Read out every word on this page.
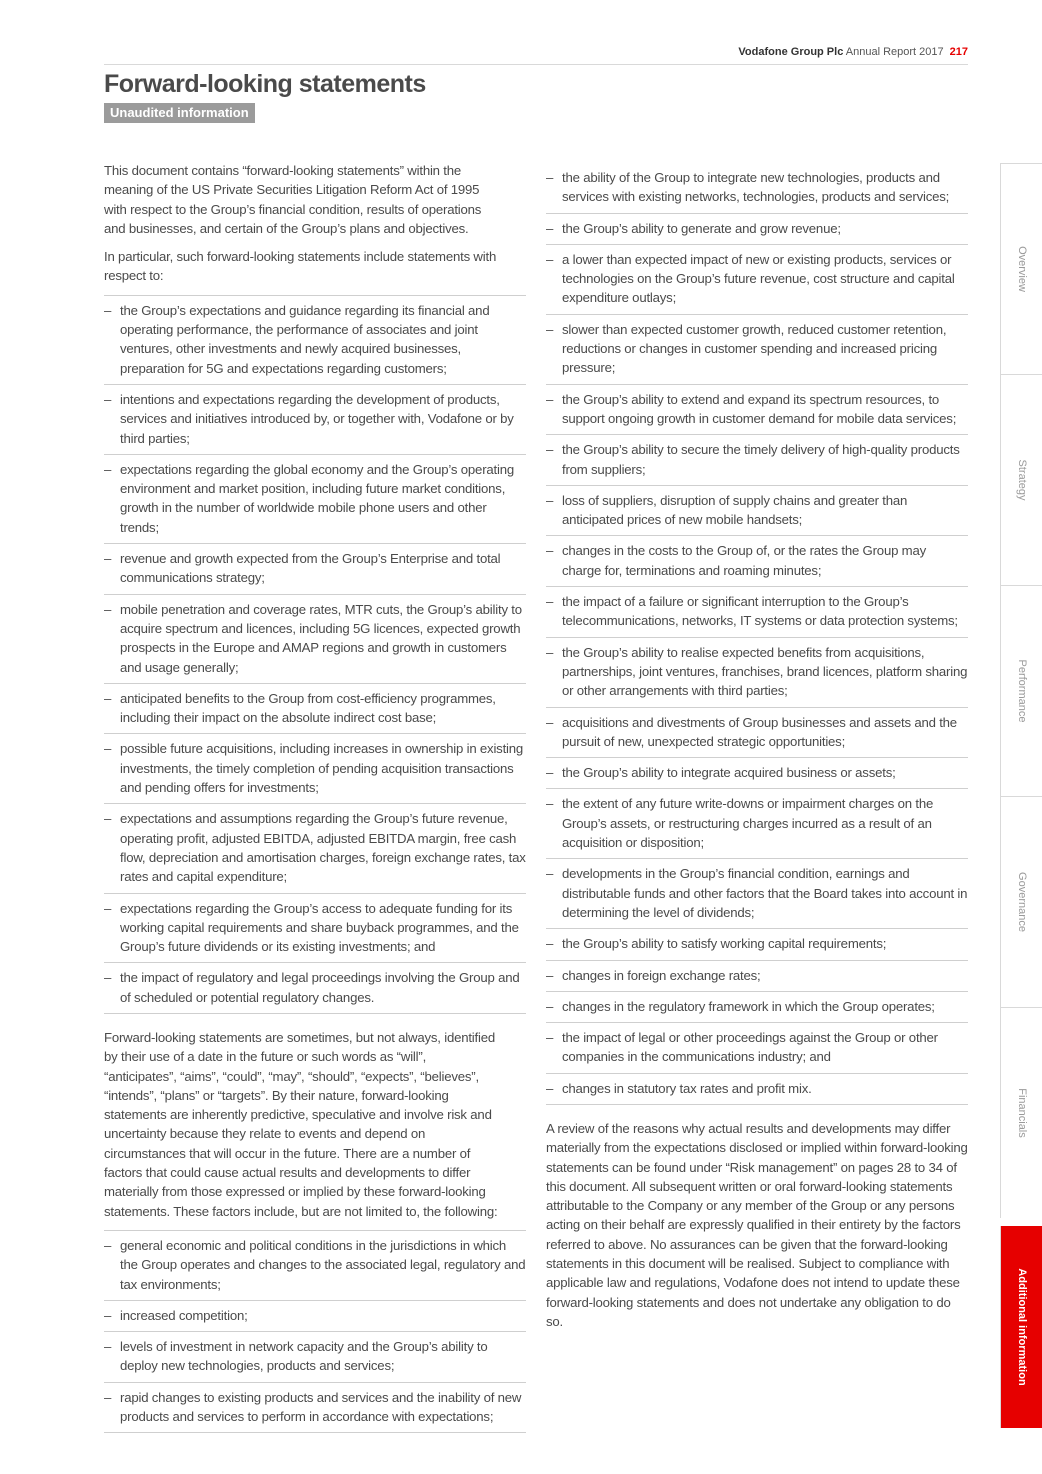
Vodafone Group Plc Annual Report 2017 217
Forward-looking statements
Unaudited information

This document contains “forward-looking statements” within the meaning of the US Private Securities Litigation Reform Act of 1995 with respect to the Group’s financial condition, results of operations and businesses, and certain of the Group’s plans and objectives.

In particular, such forward-looking statements include statements with respect to:

– the Group’s expectations and guidance regarding its financial and operating performance, the performance of associates and joint ventures, other investments and newly acquired businesses, preparation for 5G and expectations regarding customers;
– intentions and expectations regarding the development of products, services and initiatives introduced by, or together with, Vodafone or by third parties;
– expectations regarding the global economy and the Group’s operating environment and market position, including future market conditions, growth in the number of worldwide mobile phone users and other trends;
– revenue and growth expected from the Group’s Enterprise and total communications strategy;
– mobile penetration and coverage rates, MTR cuts, the Group’s ability to acquire spectrum and licences, including 5G licences, expected growth prospects in the Europe and AMAP regions and growth in customers and usage generally;
– anticipated benefits to the Group from cost-efficiency programmes, including their impact on the absolute indirect cost base;
– possible future acquisitions, including increases in ownership in existing investments, the timely completion of pending acquisition transactions and pending offers for investments;
– expectations and assumptions regarding the Group’s future revenue, operating profit, adjusted EBITDA, adjusted EBITDA margin, free cash flow, depreciation and amortisation charges, foreign exchange rates, tax rates and capital expenditure;
– expectations regarding the Group’s access to adequate funding for its working capital requirements and share buyback programmes, and the Group’s future dividends or its existing investments; and
– the impact of regulatory and legal proceedings involving the Group and of scheduled or potential regulatory changes.

Forward-looking statements are sometimes, but not always, identified by their use of a date in the future or such words as “will”, “anticipates”, “aims”, “could”, “may”, “should”, “expects”, “believes”, “intends”, “plans” or “targets”. By their nature, forward-looking statements are inherently predictive, speculative and involve risk and uncertainty because they relate to events and depend on circumstances that will occur in the future. There are a number of factors that could cause actual results and developments to differ materially from those expressed or implied by these forward-looking statements. These factors include, but are not limited to, the following:

– general economic and political conditions in the jurisdictions in which the Group operates and changes to the associated legal, regulatory and tax environments;
– increased competition;
– levels of investment in network capacity and the Group’s ability to deploy new technologies, products and services;
– rapid changes to existing products and services and the inability of new products and services to perform in accordance with expectations;
– the ability of the Group to integrate new technologies, products and services with existing networks, technologies, products and services;
– the Group’s ability to generate and grow revenue;
– a lower than expected impact of new or existing products, services or technologies on the Group’s future revenue, cost structure and capital expenditure outlays;
– slower than expected customer growth, reduced customer retention, reductions or changes in customer spending and increased pricing pressure;
– the Group’s ability to extend and expand its spectrum resources, to support ongoing growth in customer demand for mobile data services;
– the Group’s ability to secure the timely delivery of high-quality products from suppliers;
– loss of suppliers, disruption of supply chains and greater than anticipated prices of new mobile handsets;
– changes in the costs to the Group of, or the rates the Group may charge for, terminations and roaming minutes;
– the impact of a failure or significant interruption to the Group’s telecommunications, networks, IT systems or data protection systems;
– the Group’s ability to realise expected benefits from acquisitions, partnerships, joint ventures, franchises, brand licences, platform sharing or other arrangements with third parties;
– acquisitions and divestments of Group businesses and assets and the pursuit of new, unexpected strategic opportunities;
– the Group’s ability to integrate acquired business or assets;
– the extent of any future write-downs or impairment charges on the Group’s assets, or restructuring charges incurred as a result of an acquisition or disposition;
– developments in the Group’s financial condition, earnings and distributable funds and other factors that the Board takes into account in determining the level of dividends;
– the Group’s ability to satisfy working capital requirements;
– changes in foreign exchange rates;
– changes in the regulatory framework in which the Group operates;
– the impact of legal or other proceedings against the Group or other companies in the communications industry; and
– changes in statutory tax rates and profit mix.

A review of the reasons why actual results and developments may differ materially from the expectations disclosed or implied within forward-looking statements can be found under “Risk management” on pages 28 to 34 of this document. All subsequent written or oral forward-looking statements attributable to the Company or any member of the Group or any persons acting on their behalf are expressly qualified in their entirety by the factors referred to above. No assurances can be given that the forward-looking statements in this document will be realised. Subject to compliance with applicable law and regulations, Vodafone does not intend to update these forward-looking statements and does not undertake any obligation to do so.

Overview
Strategy
Performance
Governance
Financials
Additional information
